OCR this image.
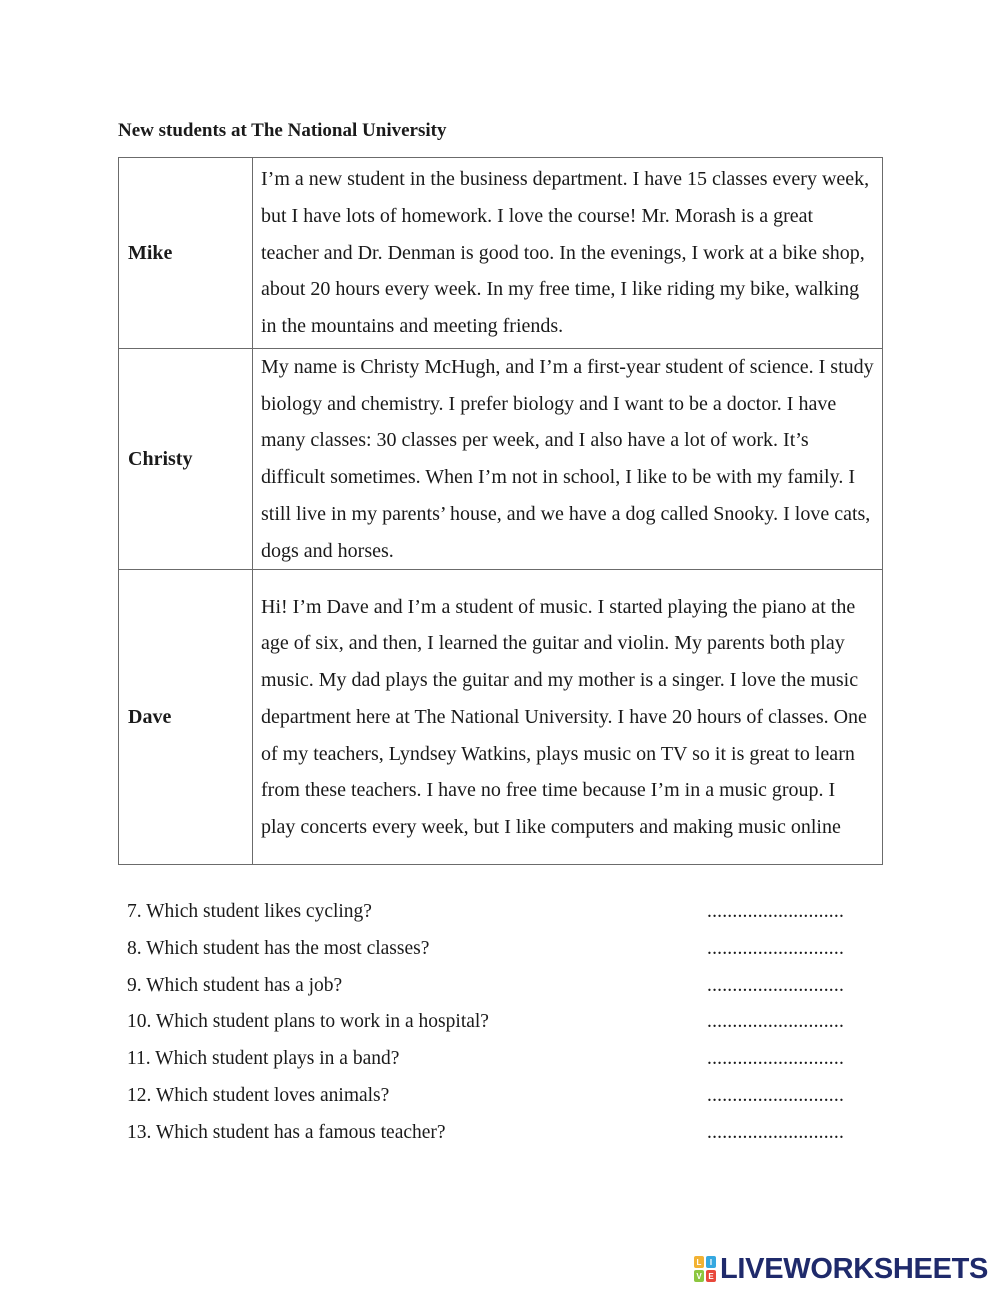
New students at The National University
Mike	I’m a new student in the business department. I have 15 classes every week, but I have lots of homework. I love the course! Mr. Morash is a great teacher and Dr. Denman is good too. In the evenings, I work at a bike shop, about 20 hours every week. In my free time, I like riding my bike, walking in the mountains and meeting friends.
Christy	My name is Christy McHugh, and I’m a first-year student of science. I study biology and chemistry. I prefer biology and I want to be a doctor. I have many classes: 30 classes per week, and I also have a lot of work. It’s difficult sometimes. When I’m not in school, I like to be with my family. I still live in my parents’ house, and we have a dog called Snooky. I love cats, dogs and horses.
Dave	Hi! I’m Dave and I’m a student of music. I started playing the piano at the age of six, and then, I learned the guitar and violin. My parents both play music. My dad plays the guitar and my mother is a singer. I love the music department here at The National University. I have 20 hours of classes. One of my teachers, Lyndsey Watkins, plays music on TV so it is great to learn from these teachers. I have no free time because I’m in a music group. I play concerts every week, but I like computers and making music online
7. Which student likes cycling?	...........................
8. Which student has the most classes?	...........................
9. Which student has a job?	...........................
10. Which student plans to work in a hospital?	...........................
11. Which student plays in a band?	...........................
12. Which student loves animals?	...........................
13. Which student has a famous teacher?	...........................
L I
V E LIVEWORKSHEETS
